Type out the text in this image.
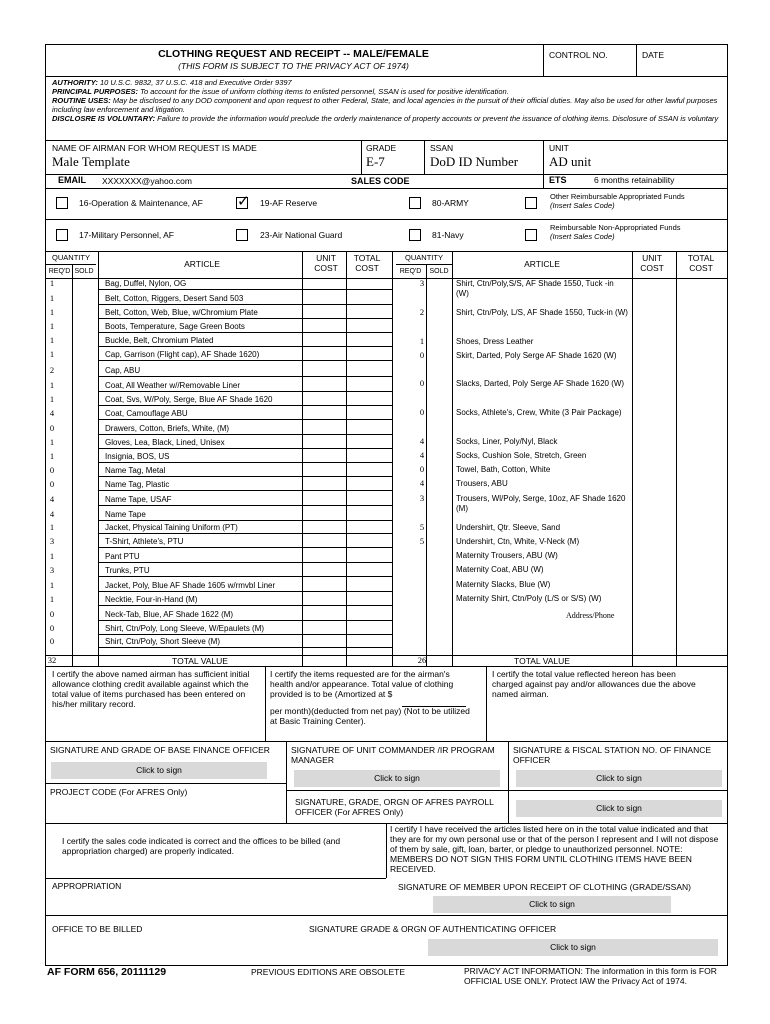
CLOTHING REQUEST AND RECEIPT -- MALE/FEMALE
(THIS FORM IS SUBJECT TO THE PRIVACY ACT OF 1974)
CONTROL NO.	DATE
AUTHORITY: 10 U.S.C. 9832, 37 U.S.C. 418 and Executive Order 9397
PRINCIPAL PURPOSES: To account for the issue of uniform clothing items to enlisted personnel, SSAN is used for positive identification.
ROUTINE USES: May be disclosed to any DOD component and upon request to other Federal, State, and local agencies in the pursuit of their official duties. May also be used for other lawful purposes including law enforcement and litigation.
DISCLOSRE IS VOLUNTARY: Failure to provide the information would preclude the orderly maintenance of property accounts or prevent the issuance of clothing items. Disclosure of SSAN is voluntary
NAME OF AIRMAN FOR WHOM REQUEST IS MADE
Male Template
GRADE
E-7
SSAN
DoD ID Number
UNIT
AD unit
EMAIL XXXXXXX@yahoo.com	SALES CODE	ETS	6 months retainability
16-Operation & Maintenance, AF ✓ 19-AF Reserve	80-ARMY
Other Reimbursable Appropriated Funds
(Insert Sales Code)
17-Military Personnel, AF	23-Air National Guard	81-Navy
Reimbursable Non-Appropriated Funds
(Insert Sales Code)
QUANTITY
REQ'D SOLD
ARTICLE
UNIT COST
TOTAL COST
QUANTITY
REQ'D	SOLD
ARTICLE
UNIT COST
TOTAL COST
1	Bag, Duffel, Nylon, OG
1	Belt, Cotton, Riggers, Desert Sand 503
1	Belt, Cotton, Web, Blue, w/Chromium Plate
1	Boots, Temperature, Sage Green Boots
1	Buckle, Belt, Chromium Plated
1	Cap, Garrison (Flight cap), AF Shade 1620)
2	Cap, ABU
1	Coat, All Weather w//Removable Liner
1	Coat, Svs, W/Poly, Serge, Blue AF Shade 1620
4	Coat, Camouflage ABU
0	Drawers, Cotton, Briefs, White, (M)
1	Gloves, Lea, Black, Lined, Unisex
1	Insignia, BOS, US
0	Name Tag, Metal
0	Name Tag, Plastic
4	Name Tape, USAF
4	Name Tape
1	Jacket, Physical Taining Uniform (PT)
3	T-Shirt, Athlete's, PTU
1	Pant PTU
3	Trunks, PTU
1	Jacket, Poly, Blue AF Shade 1605 w/rmvbl Liner
1	Necktie, Four-in-Hand (M)
0	Neck-Tab, Blue, AF Shade 1622 (M)
0	Shirt, Ctn/Poly, Long Sleeve, W/Epaulets (M)
0	Shirt, Ctn/Poly, Short Sleeve (M)
3	Shirt, Ctn/Poly,S/S, AF Shade 1550, Tuck -in (W)
2	Shirt, Ctn/Poly, L/S, AF Shade 1550, Tuck-in (W)
1	Shoes, Dress Leather
0	Skirt, Darted, Poly Serge AF Shade 1620 (W)
0	Slacks, Darted, Poly Serge AF Shade 1620 (W)
0	Socks, Athlete's, Crew, White (3 Pair Package)
4	Socks, Liner, Poly/Nyl, Black
4	Socks, Cushion Sole, Stretch, Green
0	Towel, Bath, Cotton, White
4	Trousers, ABU
3	Trousers, Wl/Poly, Serge, 10oz, AF Shade 1620 (M)
5	Undershirt, Qtr. Sleeve, Sand
5	Undershirt, Ctn, White, V-Neck (M)
Maternity Trousers, ABU (W)
Maternity Coat, ABU (W)
Maternity Slacks, Blue (W)
Maternity Shirt, Ctn/Poly (L/S or S/S) (W)
Address/Phone
32	TOTAL VALUE	26	TOTAL VALUE
I certify the above named airman has sufficient initial allowance clothing credit available against which the total value of items purchased has been entered on his/her military record.
I certify the items requested are for the airman's health and/or appearance. Total value of clothing provided is to be (Amortized at $
per month)(deducted from net pay) (Not to be utilized at Basic Training Center).
I certify the total value reflected hereon has been charged against pay and/or allowances due the above named airman.
SIGNATURE AND GRADE OF BASE FINANCE OFFICER
Click to sign
SIGNATURE OF UNIT COMMANDER /IR PROGRAM MANAGER
Click to sign
SIGNATURE & FISCAL STATION NO. OF FINANCE OFFICER
Click to sign
PROJECT CODE (For AFRES Only)
SIGNATURE, GRADE, ORGN OF AFRES PAYROLL OFFICER (For AFRES Only)	Click to sign
I certify the sales code indicated is correct and the offices to be billed (and appropriation charged) are properly indicated.
I certify I have received the articles listed here on in the total value indicated and that they are for my own personal use or that of the person I represent and I will not dispose of them by sale, gift, loan, barter, or pledge to unauthorized personnel. NOTE: MEMBERS DO NOT SIGN THIS FORM UNTIL CLOTHING ITEMS HAVE BEEN RECEIVED.
APPROPRIATION	SIGNATURE OF MEMBER UPON RECEIPT OF CLOTHING (GRADE/SSAN)
Click to sign
OFFICE TO BE BILLED	SIGNATURE GRADE & ORGN OF AUTHENTICATING OFFICER
Click to sign
AF FORM 656, 20111129	PREVIOUS EDITIONS ARE OBSOLETE	PRIVACY ACT INFORMATION: The information in this form is FOR OFFICIAL USE ONLY. Protect IAW the Privacy Act of 1974.
